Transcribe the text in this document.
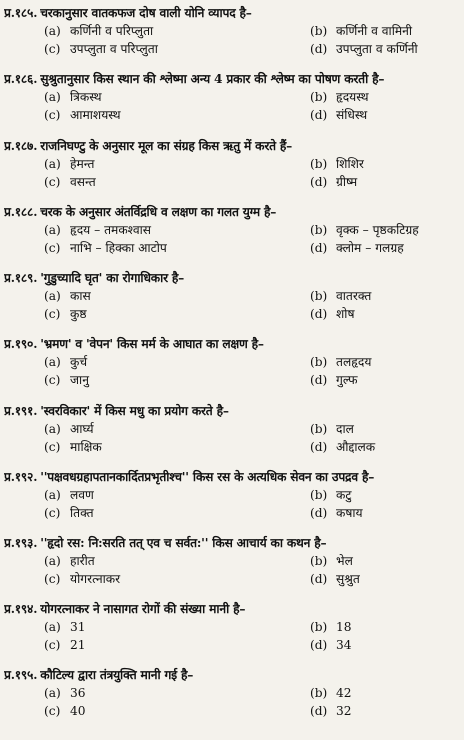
प्र.१८५. चरकानुसार वातकफज दोष वाली योनि व्यापद है–
(a) कर्णिनी व परिप्लुता	(b) कर्णिनी व वामिनी
(c) उपप्लुता व परिप्लुता	(d) उपप्लुता व कर्णिनी
प्र.१८६. सुश्रुतानुसार किस स्थान की श्लेष्मा अन्य 4 प्रकार की श्लेष्म का पोषण करती है–
(a) त्रिकस्थ	(b) हृदयस्थ
(c) आमाशयस्थ	(d) संधिस्थ
प्र.१८७. राजनिघण्टु के अनुसार मूल का संग्रह किस ऋतु में करते हैं–
(a) हेमन्त	(b) शिशिर
(c) वसन्त	(d) ग्रीष्म
प्र.१८८. चरक के अनुसार अंतर्विद्रधि व लक्षण का गलत युग्म है–
(a) हृदय – तमकश्वास	(b) वृक्क – पृष्ठकटिग्रह
(c) नाभि – हिक्का आटोप	(d) क्लोम – गलग्रह
प्र.१८९. 'गुडुच्यादि घृत' का रोगाधिकार है–
(a) कास	(b) वातरक्त
(c) कुष्ठ	(d) शोष
प्र.१९०. 'भ्रमण' व 'वेपन' किस मर्म के आघात का लक्षण है–
(a) कुर्च	(b) तलहृदय
(c) जानु	(d) गुल्फ
प्र.१९१. 'स्वरविकार' में किस मधु का प्रयोग करते है–
(a) आर्घ्य	(b) दाल
(c) माक्षिक	(d) औद्दालक
प्र.१९२. ''पक्षवधग्रहापतानकार्दितप्रभृतीश्च'' किस रस के अत्यधिक सेवन का उपद्रव है–
(a) लवण	(b) कटु
(c) तिक्त	(d) कषाय
प्र.१९३. ''हृदो रस: नि:सरति तत् एव च सर्वत:'' किस आचार्य का कथन है–
(a) हारीत	(b) भेल
(c) योगरत्नाकर	(d) सुश्रुत
प्र.१९४. योगरत्नाकर ने नासागत रोगों की संख्या मानी है–
(a) 31	(b) 18
(c) 21	(d) 34
प्र.१९५. कौटिल्य द्वारा तंत्रयुक्ति मानी गई है–
(a) 36	(b) 42
(c) 40	(d) 32
